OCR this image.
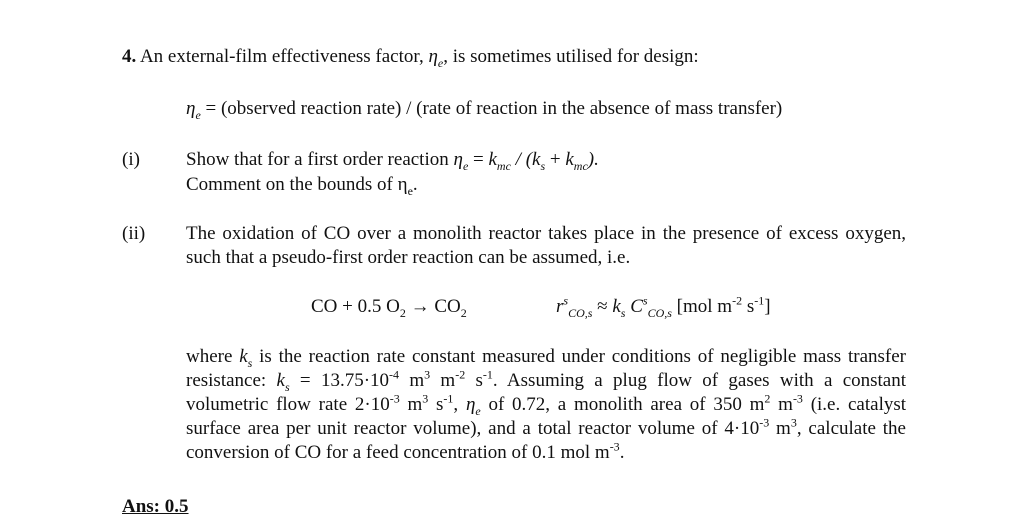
4. An external-film effectiveness factor, $\eta_e$, is sometimes utilised for design:
$\eta_e$ = (observed reaction rate) / (rate of reaction in the absence of mass transfer)
(i) Show that for a first order reaction $\eta_e = k_{mc} / (k_s + k_{mc})$.
Comment on the bounds of $\eta_e$.
(ii) The oxidation of CO over a monolith reactor takes place in the presence of excess oxygen, such that a pseudo-first order reaction can be assumed, i.e.
CO + 0.5 $O_2 \to CO_2$	$r^s_{CO,s} \approx k_s$ $C^s_{CO,s}$ [mol $m^{-2}$ $s^{-1}$]
where $k_s$ is the reaction rate constant measured under conditions of negligible mass transfer resistance: $k_s = 13.75\cdot 10^{-4}$ $m^3$ $m^{-2}$ $s^{-1}$. Assuming a plug flow of gases with a constant volumetric flow rate $2\cdot 10^{-3}$ $m^3$ $s^{-1}$, $\eta_e$ of 0.72, a monolith area of 350 $m^2$ $m^{-3}$ (i.e. catalyst surface area per unit reactor volume), and a total reactor volume of $4\cdot 10^{-3}$ $m^3$, calculate the conversion of CO for a feed concentration of 0.1 mol $m^{-3}$.
Ans: 0.5
